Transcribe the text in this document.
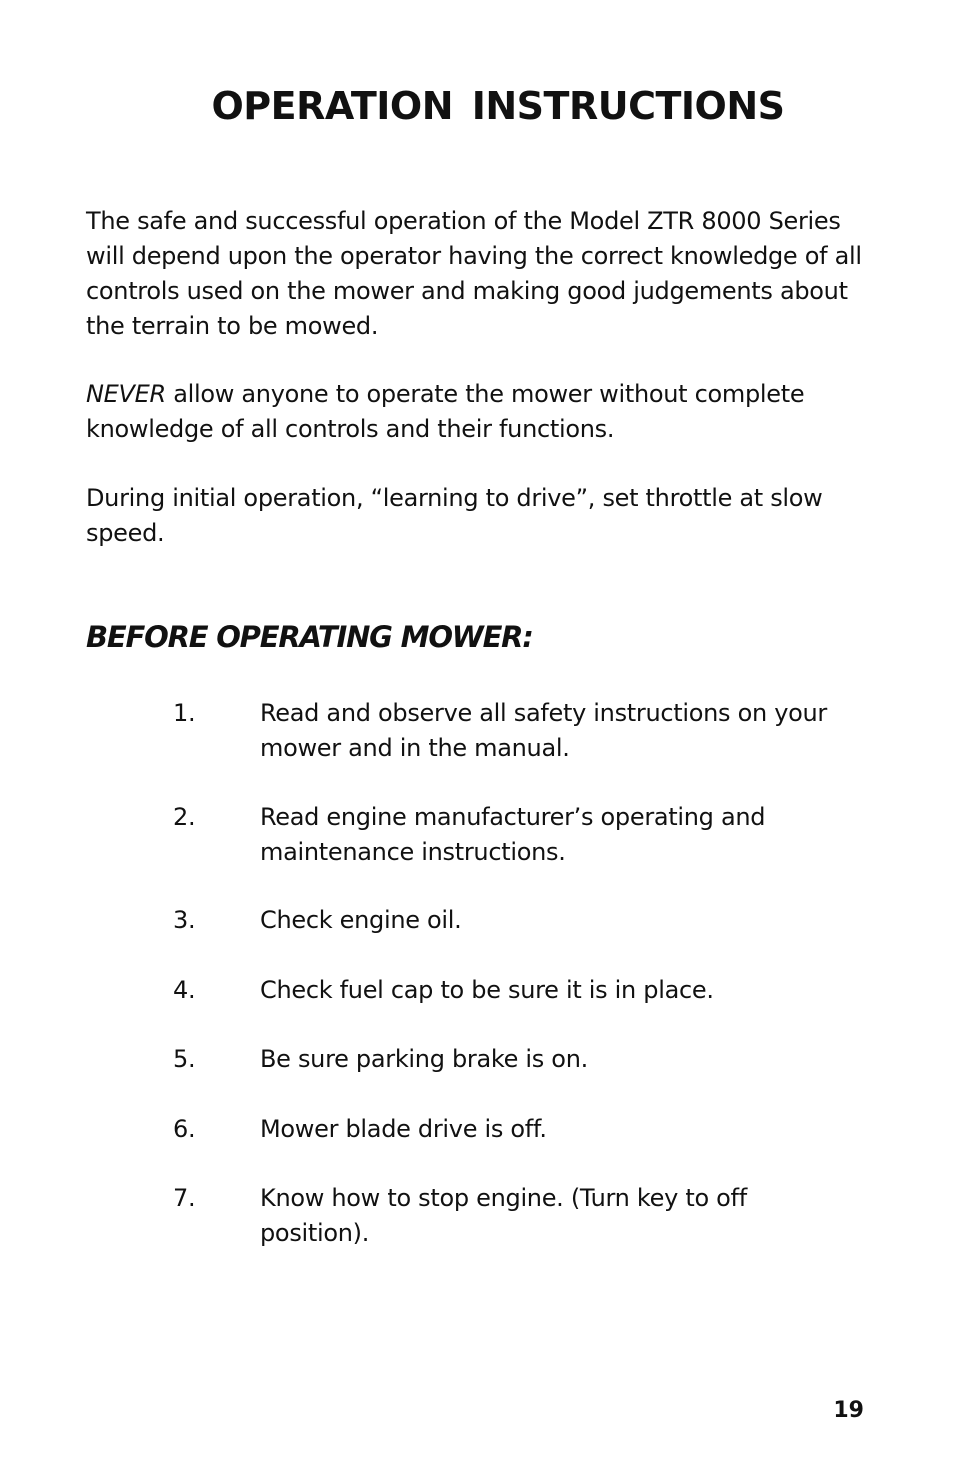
OPERATION INSTRUCTIONS

The safe and successful operation of the Model ZTR 8000 Series will depend upon the operator having the correct knowledge of all controls used on the mower and making good judgements about the terrain to be mowed.

NEVER allow anyone to operate the mower without complete knowledge of all controls and their functions.

During initial operation, “learning to drive”, set throttle at slow speed.

BEFORE OPERATING MOWER:
1.	Read and observe all safety instructions on your mower and in the manual.
2.	Read engine manufacturer’s operating and maintenance instructions.
3.	Check engine oil.
4.	Check fuel cap to be sure it is in place.
5.	Be sure parking brake is on.
6.	Mower blade drive is off.
7.	Know how to stop engine. (Turn key to off position).
19
